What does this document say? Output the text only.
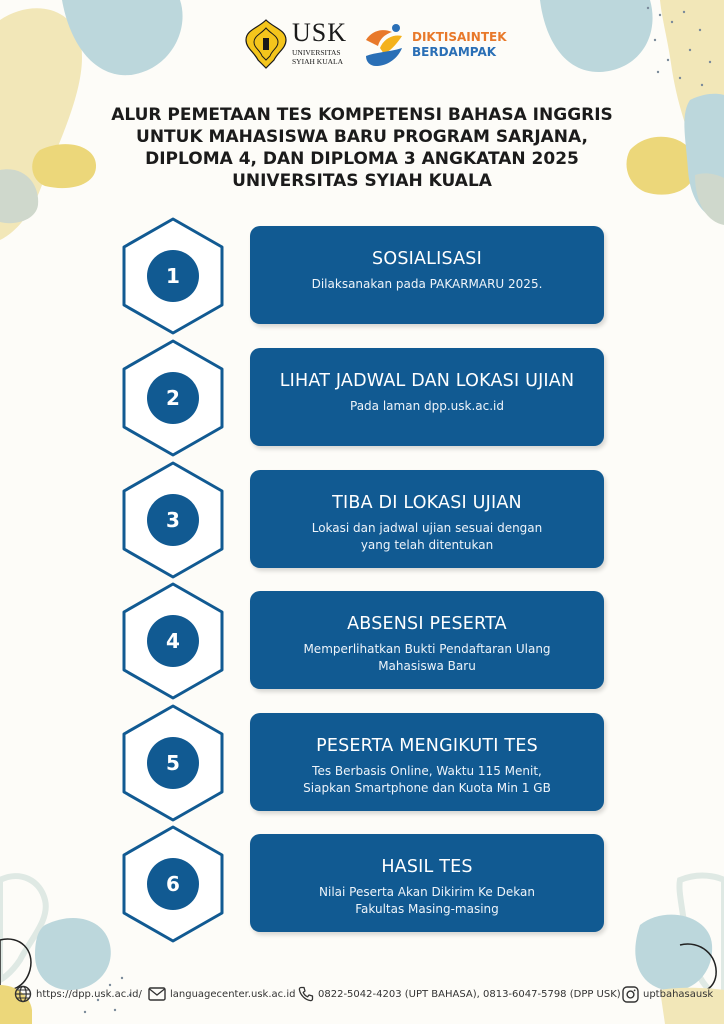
USK
UNIVERSITAS
SYIAH KUALA
DIKTISAINTEK
BERDAMPAK
ALUR PEMETAAN TES KOMPETENSI BAHASA INGGRIS
UNTUK MAHASISWA BARU PROGRAM SARJANA,
DIPLOMA 4, DAN DIPLOMA 3 ANGKATAN 2025
UNIVERSITAS SYIAH KUALA
1
SOSIALISASI
Dilaksanakan pada PAKARMARU 2025.
2
LIHAT JADWAL DAN LOKASI UJIAN
Pada laman dpp.usk.ac.id
3
TIBA DI LOKASI UJIAN
Lokasi dan jadwal ujian sesuai dengan
yang telah ditentukan
4
ABSENSI PESERTA
Memperlihatkan Bukti Pendaftaran Ulang
Mahasiswa Baru
5
PESERTA MENGIKUTI TES
Tes Berbasis Online, Waktu 115 Menit,
Siapkan Smartphone dan Kuota Min 1 GB
6
HASIL TES
Nilai Peserta Akan Dikirim Ke Dekan
Fakultas Masing-masing
https://dpp.usk.ac.id/	languagecenter.usk.ac.id 0822-5042-4203 (UPT BAHASA), 0813-6047-5798 (DPP USK) uptbahasausk
